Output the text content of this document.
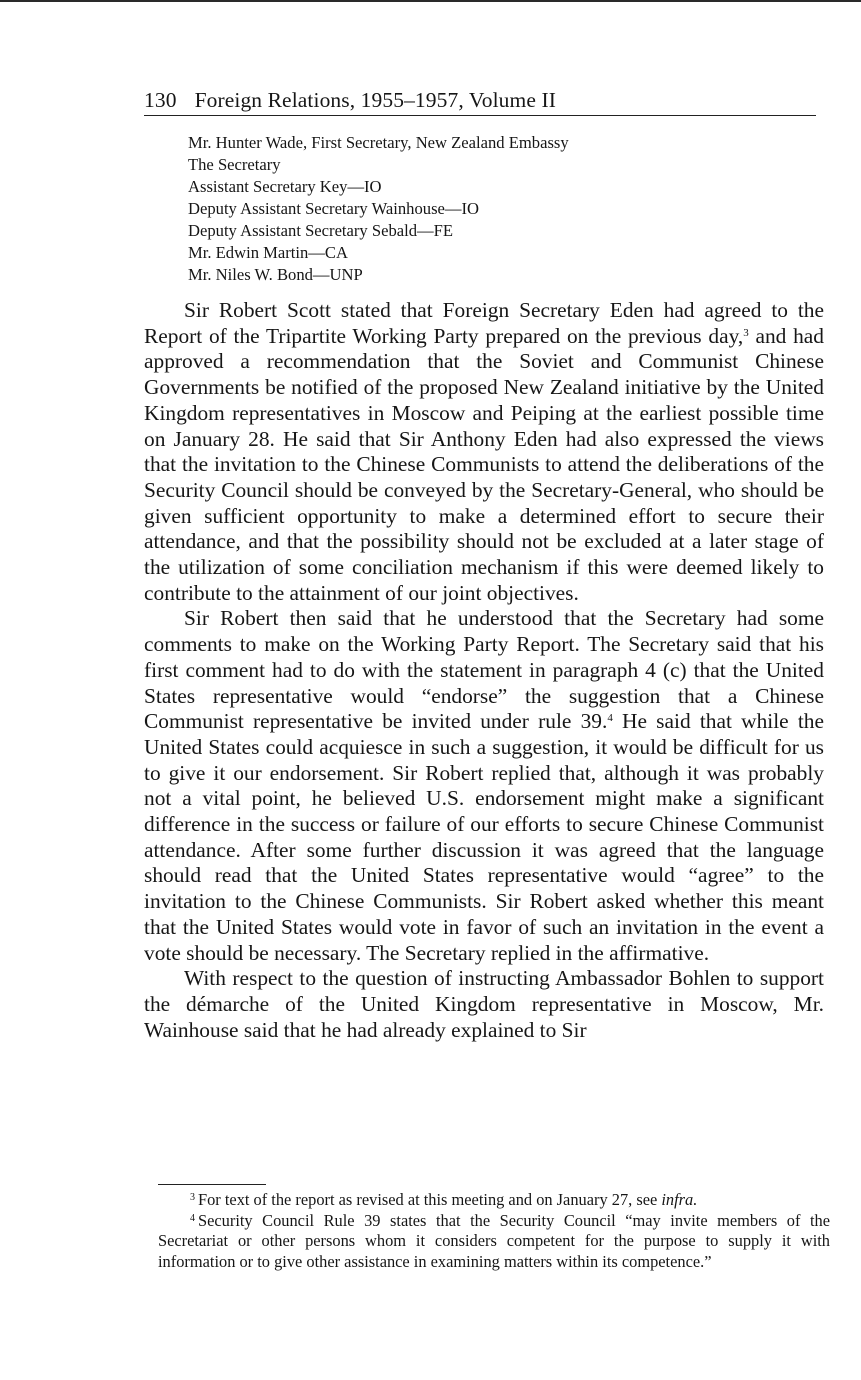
130 Foreign Relations, 1955–1957, Volume II
Mr. Hunter Wade, First Secretary, New Zealand Embassy
The Secretary
Assistant Secretary Key—IO
Deputy Assistant Secretary Wainhouse—IO
Deputy Assistant Secretary Sebald—FE
Mr. Edwin Martin—CA
Mr. Niles W. Bond—UNP

Sir Robert Scott stated that Foreign Secretary Eden had agreed to the Report of the Tripartite Working Party prepared on the previous day,$^3$ and had approved a recommendation that the Soviet and Communist Chinese Governments be notified of the proposed New Zealand initiative by the United Kingdom representatives in Moscow and Peiping at the earliest possible time on January 28. He said that Sir Anthony Eden had also expressed the views that the invitation to the Chinese Communists to attend the deliberations of the Security Council should be conveyed by the Secretary-General, who should be given sufficient opportunity to make a determined effort to secure their attendance, and that the possibility should not be excluded at a later stage of the utilization of some conciliation mechanism if this were deemed likely to contribute to the attainment of our joint objectives.

Sir Robert then said that he understood that the Secretary had some comments to make on the Working Party Report. The Secretary said that his first comment had to do with the statement in paragraph 4 (c) that the United States representative would “endorse” the suggestion that a Chinese Communist representative be invited under rule 39.$^4$ He said that while the United States could acquiesce in such a suggestion, it would be difficult for us to give it our endorsement. Sir Robert replied that, although it was probably not a vital point, he believed U.S. endorsement might make a significant difference in the success or failure of our efforts to secure Chinese Communist attendance. After some further discussion it was agreed that the language should read that the United States representative would “agree” to the invitation to the Chinese Communists. Sir Robert asked whether this meant that the United States would vote in favor of such an invitation in the event a vote should be necessary. The Secretary replied in the affirmative.

With respect to the question of instructing Ambassador Bohlen to support the démarche of the United Kingdom representative in Moscow, Mr. Wainhouse said that he had already explained to Sir

$^3$ For text of the report as revised at this meeting and on January 27, see infra.

$^4$ Security Council Rule 39 states that the Security Council “may invite members of the Secretariat or other persons whom it considers competent for the purpose to supply it with information or to give other assistance in examining matters within its competence.”
